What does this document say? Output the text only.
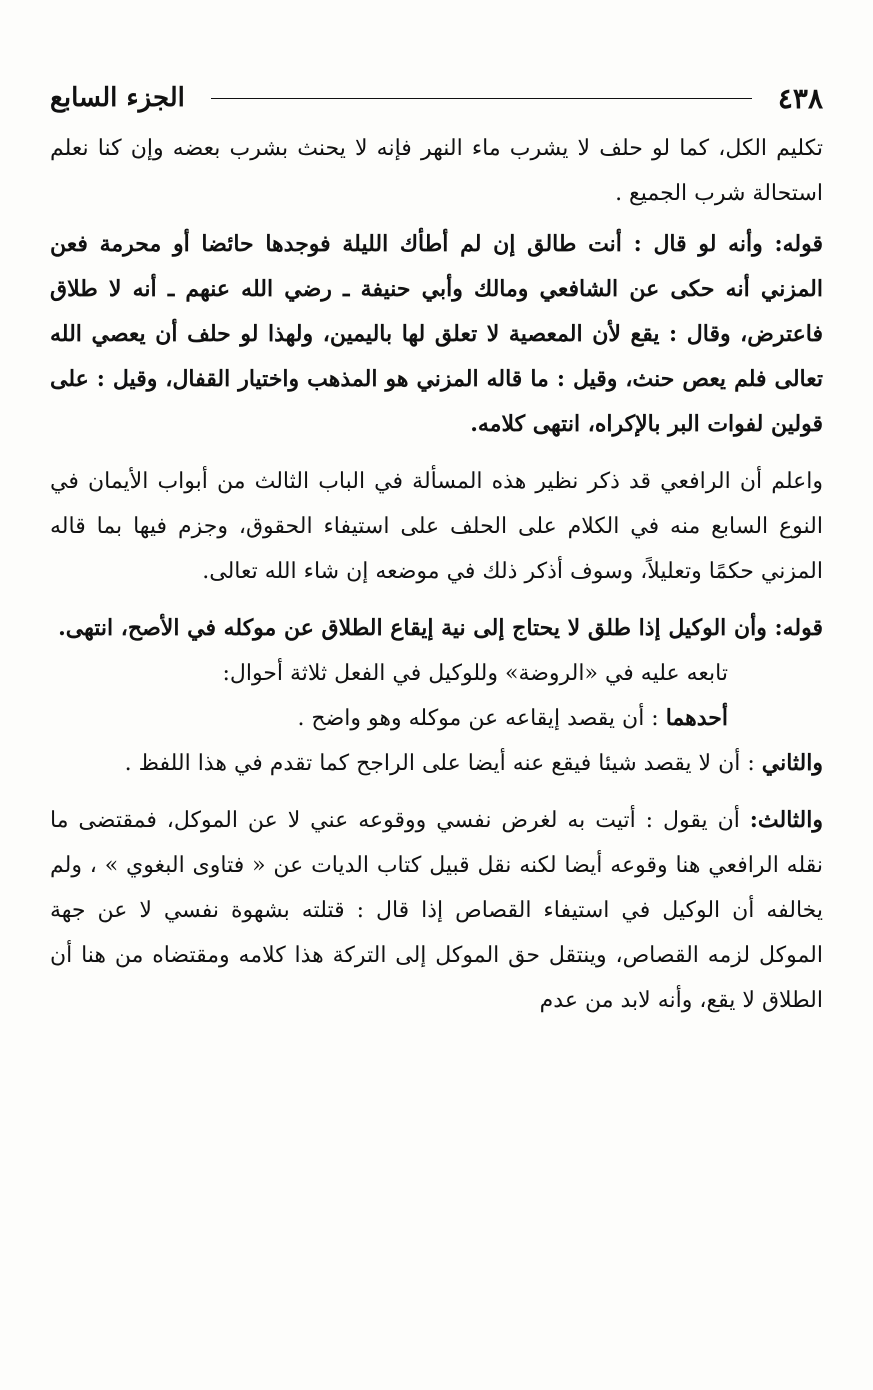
٤٣٨
الجزء السابع

تكليم الكل، كما لو حلف لا يشرب ماء النهر فإنه لا يحنث بشرب بعضه وإن كنا نعلم استحالة شرب الجميع .

قوله: وأنه لو قال : أنت طالق إن لم أطأك الليلة فوجدها حائضا أو محرمة فعن المزني أنه حكى عن الشافعي ومالك وأبي حنيفة ـ رضي الله عنهم ـ أنه لا طلاق فاعترض، وقال : يقع لأن المعصية لا تعلق لها باليمين، ولهذا لو حلف أن يعصي الله تعالى فلم يعص حنث، وقيل : ما قاله المزني هو المذهب واختيار القفال، وقيل : على قولين لفوات البر بالإكراه، انتهى كلامه.

واعلم أن الرافعي قد ذكر نظير هذه المسألة في الباب الثالث من أبواب الأيمان في النوع السابع منه في الكلام على الحلف على استيفاء الحقوق، وجزم فيها بما قاله المزني حكمًا وتعليلاً، وسوف أذكر ذلك في موضعه إن شاء الله تعالى.

قوله: وأن الوكيل إذا طلق لا يحتاج إلى نية إيقاع الطلاق عن موكله في الأصح، انتهى.

تابعه عليه في «الروضة» وللوكيل في الفعل ثلاثة أحوال:

أحدهما : أن يقصد إيقاعه عن موكله وهو واضح .

والثاني : أن لا يقصد شيئا فيقع عنه أيضا على الراجح كما تقدم في هذا اللفظ .

والثالث: أن يقول : أتيت به لغرض نفسي ووقوعه عني لا عن الموكل، فمقتضى ما نقله الرافعي هنا وقوعه أيضا لكنه نقل قبيل كتاب الديات عن « فتاوى البغوي » ، ولم يخالفه أن الوكيل في استيفاء القصاص إذا قال : قتلته بشهوة نفسي لا عن جهة الموكل لزمه القصاص، وينتقل حق الموكل إلى التركة هذا كلامه ومقتضاه من هنا أن الطلاق لا يقع، وأنه لابد من عدم
